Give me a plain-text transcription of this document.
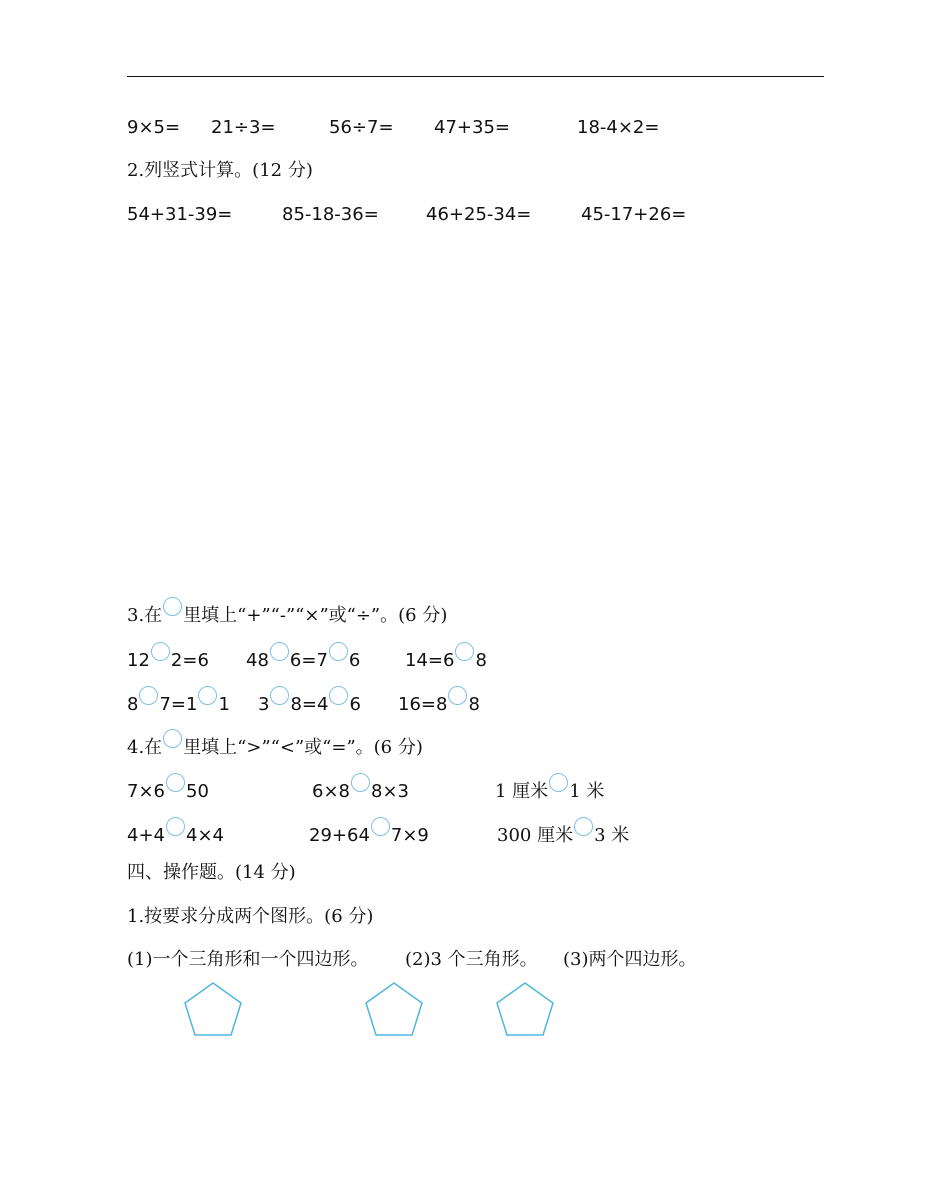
9×5= 21÷3=	56÷7= 47+35=	18-4×2=
2.列竖式计算。(12 分)
54+31-39=	85-18-36=	46+25-34=	45-17+26=
3.在 里填上“+”“-”“×”或“÷”。(6 分)
12 2=6 48 6=7 6 14=6 8
8 7=1 1 3 8=4 6 16=8 8
4.在 里填上“>”“<”或“=”。(6 分)
7×6 50	6×8 8×3	1 厘米 1 米
4+4 4×4	29+64 7×9	300 厘米 3 米
四、操作题。(14 分)
1.按要求分成两个图形。(6 分)
(1)一个三角形和一个四边形。 (2)3 个三角形。 (3)两个四边形。
